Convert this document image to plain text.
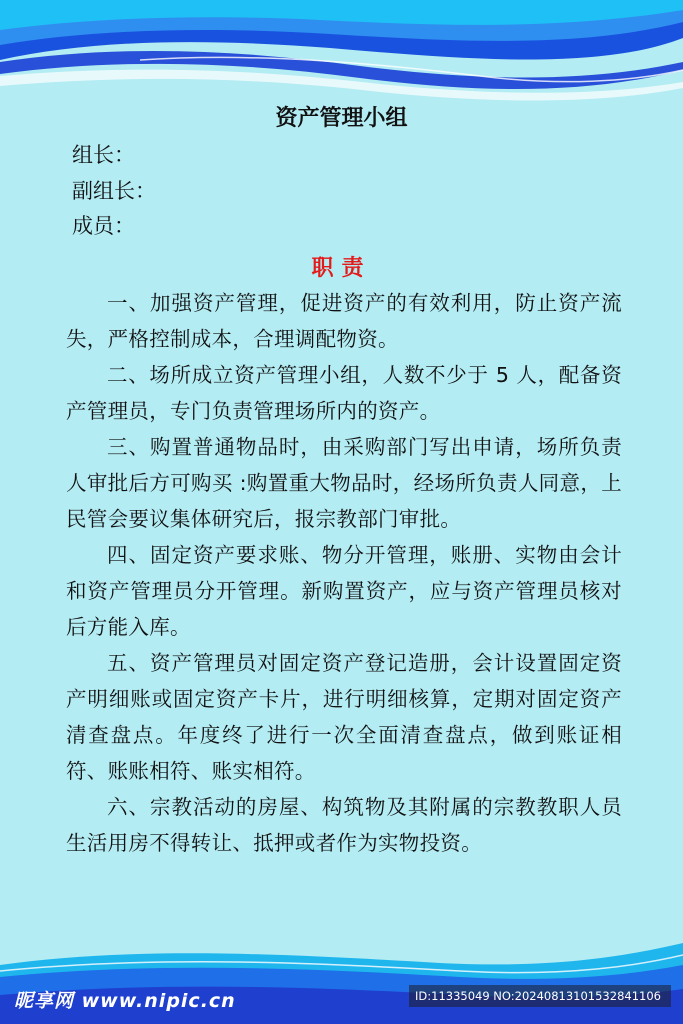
资产管理小组
组长：
副组长：
成员：
职责

一、加强资产管理，促进资产的有效利用，防止资产流失，严格控制成本，合理调配物资。

二、场所成立资产管理小组，人数不少于 5 人，配备资产管理员，专门负责管理场所内的资产。

三、购置普通物品时，由采购部门写出申请，场所负责人审批后方可购买 :购置重大物品时，经场所负责人同意，上民管会要议集体研究后，报宗教部门审批。

四、固定资产要求账、物分开管理，账册、实物由会计和资产管理员分开管理。新购置资产，应与资产管理员核对后方能入库。

五、资产管理员对固定资产登记造册，会计设置固定资产明细账或固定资产卡片，进行明细核算，定期对固定资产清查盘点。年度终了进行一次全面清查盘点，做到账证相符、账账相符、账实相符。

六、宗教活动的房屋、构筑物及其附属的宗教教职人员生活用房不得转让、抵押或者作为实物投资。

昵享网 www.nipic.cn	ID:11335049 NO:20240813101532841106
